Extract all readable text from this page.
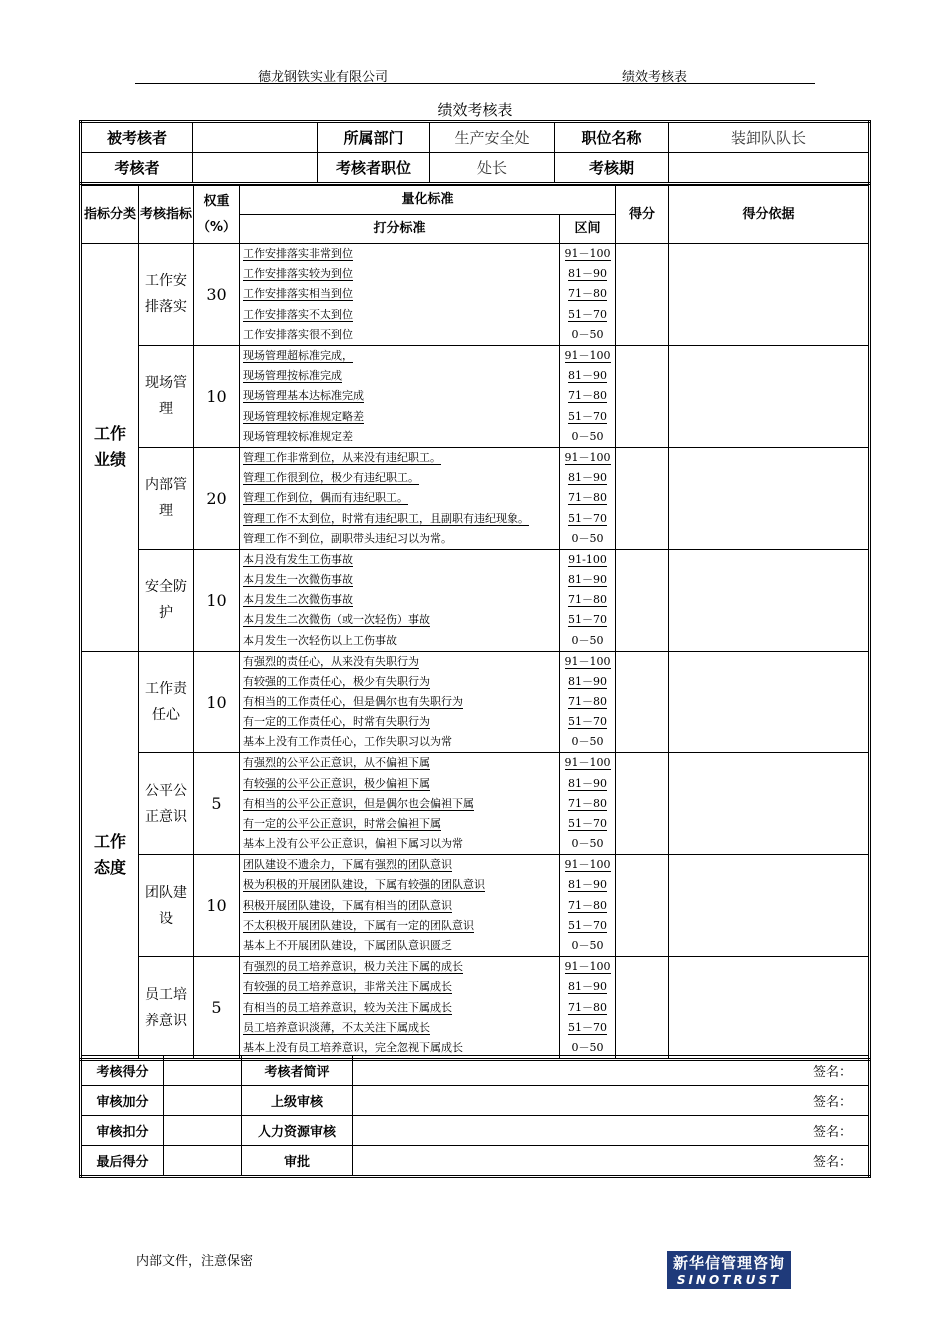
德龙钢铁实业有限公司	绩效考核表
绩效考核表
被考核者		所属部门	生产安全处	职位名称	装卸队队长
考核者		考核者职位	处长	考核期	
指标分类	考核指标	权重（%）	量化标准		得分	得分依据
			打分标准	区间		
工作业绩	工作安排落实	30	工作安排落实非常到位	91－100		
			工作安排落实较为到位	81－90		
			工作安排落实相当到位	71－80		
			工作安排落实不太到位	51－70		
			工作安排落实很不到位	0－50		
	现场管理	10	现场管理超标准完成，	91－100		
			现场管理按标准完成	81－90		
			现场管理基本达标准完成	71－80		
			现场管理较标准规定略差	51－70		
			现场管理较标准规定差	0－50		
	内部管理	20	管理工作非常到位，从来没有违纪职工。	91－100		
			管理工作很到位，极少有违纪职工。	81－90		
			管理工作到位，偶而有违纪职工。	71－80		
			管理工作不太到位，时常有违纪职工，且副职有违纪现象。	51－70		
			管理工作不到位，副职带头违纪习以为常。	0－50		
	安全防护	10	本月没有发生工伤事故	91-100		
			本月发生一次微伤事故	81－90		
			本月发生二次微伤事故	71－80		
			本月发生二次微伤（或一次轻伤）事故	51－70		
			本月发生一次轻伤以上工伤事故	0－50		
工作态度	工作责任心	10	有强烈的责任心，从来没有失职行为	91－100		
			有较强的工作责任心，极少有失职行为	81－90		
			有相当的工作责任心，但是偶尔也有失职行为	71－80		
			有一定的工作责任心，时常有失职行为	51－70		
			基本上没有工作责任心，工作失职习以为常	0－50		
	公平公正意识	5	有强烈的公平公正意识，从不偏袒下属	91－100		
			有较强的公平公正意识，极少偏袒下属	81－90		
			有相当的公平公正意识，但是偶尔也会偏袒下属	71－80		
			有一定的公平公正意识，时常会偏袒下属	51－70		
			基本上没有公平公正意识，偏袒下属习以为常	0－50		
	团队建设	10	团队建设不遗余力，下属有强烈的团队意识	91－100		
			极为积极的开展团队建设，下属有较强的团队意识	81－90		
			积极开展团队建设，下属有相当的团队意识	71－80		
			不太积极开展团队建设，下属有一定的团队意识	51－70		
			基本上不开展团队建设，下属团队意识匮乏	0－50		
	员工培养意识	5	有强烈的员工培养意识，极力关注下属的成长	91－100		
			有较强的员工培养意识，非常关注下属成长	81－90		
			有相当的员工培养意识，较为关注下属成长	71－80		
			员工培养意识淡薄，不太关注下属成长	51－70		
			基本上没有员工培养意识，完全忽视下属成长	0－50		
考核得分		考核者简评	签名：
审核加分		上级审核	签名：
审核扣分		人力资源审核	签名：
最后得分		审批	签名：
内部文件，注意保密	新华信管理咨询
SINOTRUST
